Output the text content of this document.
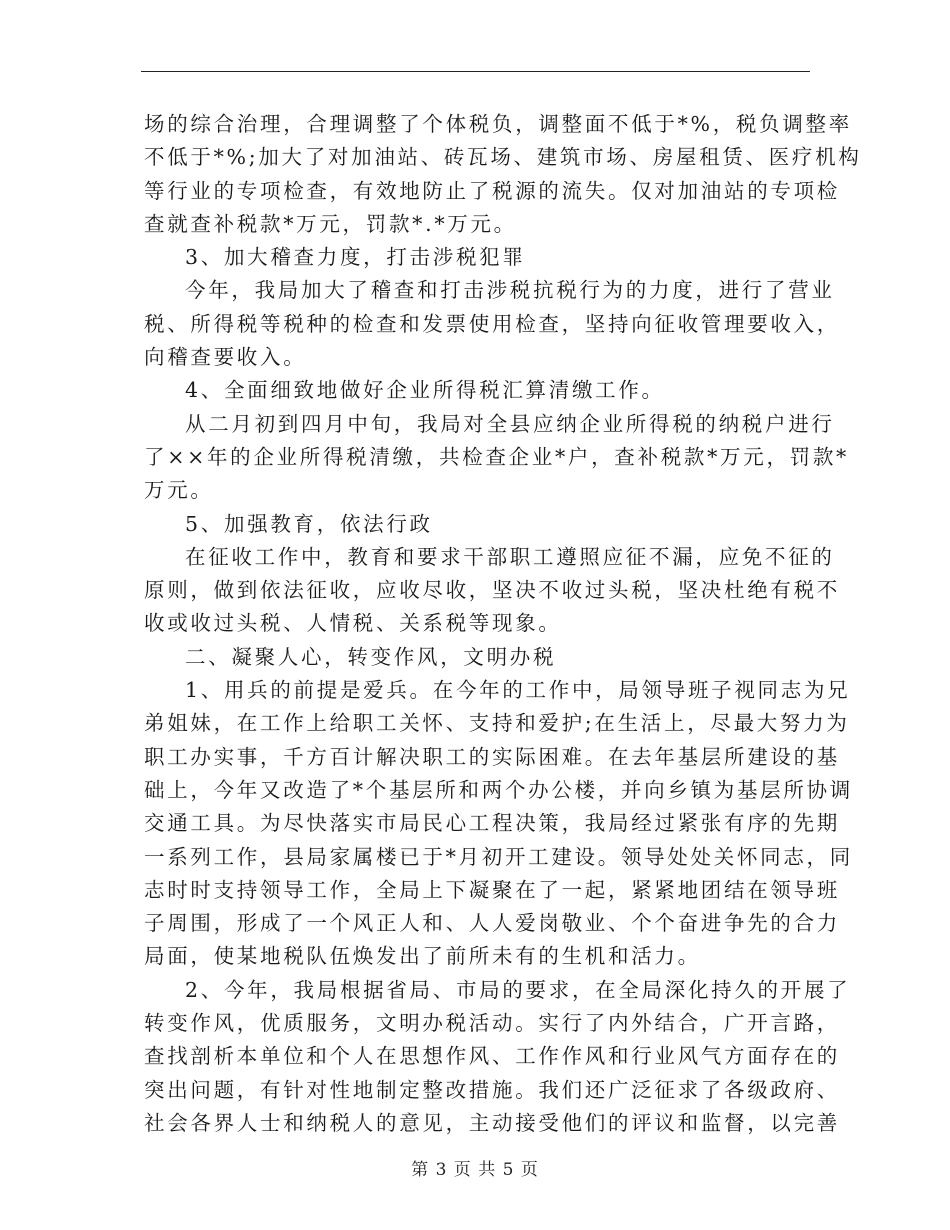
场的综合治理，合理调整了个体税负，调整面不低于*%，税负调整率
不低于*%;加大了对加油站、砖瓦场、建筑市场、房屋租赁、医疗机构
等行业的专项检查，有效地防止了税源的流失。仅对加油站的专项检
查就查补税款*万元，罚款*.*万元。
3、加大稽查力度，打击涉税犯罪
今年，我局加大了稽查和打击涉税抗税行为的力度，进行了营业
税、所得税等税种的检查和发票使用检查，坚持向征收管理要收入，
向稽查要收入。
4、全面细致地做好企业所得税汇算清缴工作。
从二月初到四月中旬，我局对全县应纳企业所得税的纳税户进行
了××年的企业所得税清缴，共检查企业*户，查补税款*万元，罚款*
万元。
5、加强教育，依法行政
在征收工作中，教育和要求干部职工遵照应征不漏，应免不征的
原则，做到依法征收，应收尽收，坚决不收过头税，坚决杜绝有税不
收或收过头税、人情税、关系税等现象。
二、凝聚人心，转变作风，文明办税
1、用兵的前提是爱兵。在今年的工作中，局领导班子视同志为兄
弟姐妹，在工作上给职工关怀、支持和爱护;在生活上，尽最大努力为
职工办实事，千方百计解决职工的实际困难。在去年基层所建设的基
础上，今年又改造了*个基层所和两个办公楼，并向乡镇为基层所协调
交通工具。为尽快落实市局民心工程决策，我局经过紧张有序的先期
一系列工作，县局家属楼已于*月初开工建设。领导处处关怀同志，同
志时时支持领导工作，全局上下凝聚在了一起，紧紧地团结在领导班
子周围，形成了一个风正人和、人人爱岗敬业、个个奋进争先的合力
局面，使某地税队伍焕发出了前所未有的生机和活力。
2、今年，我局根据省局、市局的要求，在全局深化持久的开展了
转变作风，优质服务，文明办税活动。实行了内外结合，广开言路，
查找剖析本单位和个人在思想作风、工作作风和行业风气方面存在的
突出问题，有针对性地制定整改措施。我们还广泛征求了各级政府、
社会各界人士和纳税人的意见，主动接受他们的评议和监督，以完善
第 3 页 共 5 页
